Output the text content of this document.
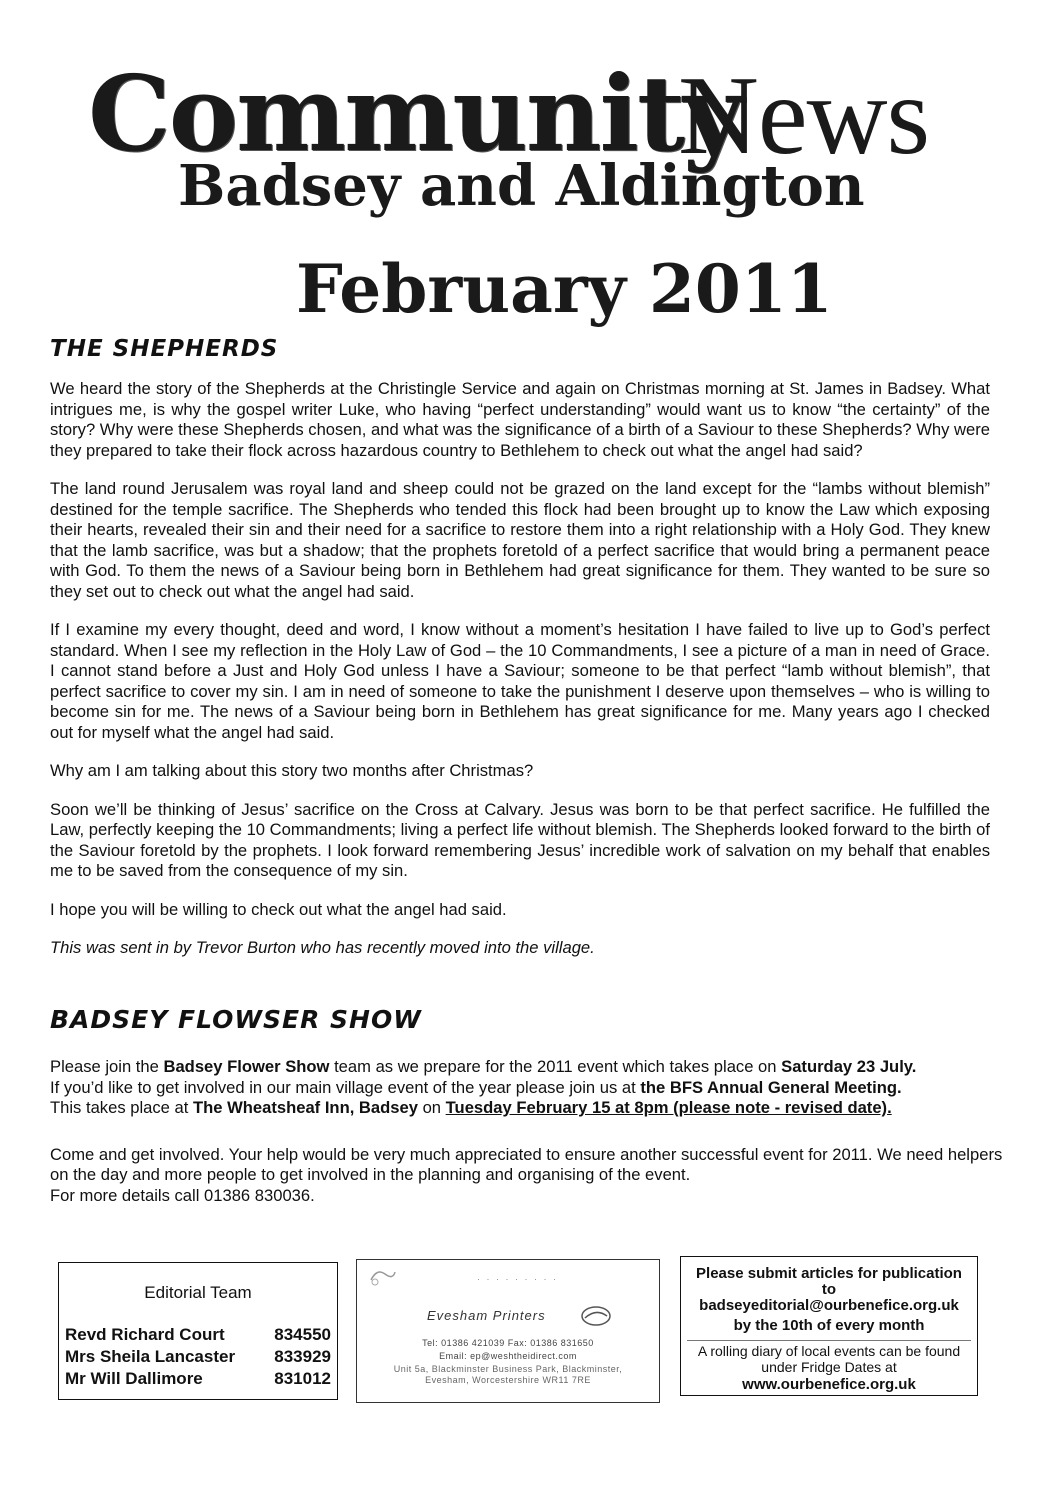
Community
News
Badsey and Aldington
February 2011
THE SHEPHERDS

We heard the story of the Shepherds at the Christingle Service and again on Christmas morning at St. James in Badsey. What intrigues me, is why the gospel writer Luke, who having “perfect understanding” would want us to know “the certainty” of the story? Why were these Shepherds chosen, and what was the significance of a birth of a Saviour to these Shepherds? Why were they prepared to take their flock across hazardous country to Bethlehem to check out what the angel had said?

The land round Jerusalem was royal land and sheep could not be grazed on the land except for the “lambs without blemish” destined for the temple sacrifice. The Shepherds who tended this flock had been brought up to know the Law which exposing their hearts, revealed their sin and their need for a sacrifice to restore them into a right relationship with a Holy God. They knew that the lamb sacrifice, was but a shadow; that the prophets foretold of a perfect sacrifice that would bring a permanent peace with God. To them the news of a Saviour being born in Bethlehem had great significance for them. They wanted to be sure so they set out to check out what the angel had said.

If I examine my every thought, deed and word, I know without a moment’s hesitation I have failed to live up to God’s perfect standard. When I see my reflection in the Holy Law of God – the 10 Commandments, I see a picture of a man in need of Grace. I cannot stand before a Just and Holy God unless I have a Saviour; someone to be that perfect “lamb without blemish”, that perfect sacrifice to cover my sin. I am in need of someone to take the punishment I deserve upon themselves – who is willing to become sin for me. The news of a Saviour being born in Bethlehem has great significance for me. Many years ago I checked out for myself what the angel had said.

Why am I am talking about this story two months after Christmas?

Soon we’ll be thinking of Jesus’ sacrifice on the Cross at Calvary. Jesus was born to be that perfect sacrifice. He fulfilled the Law, perfectly keeping the 10 Commandments; living a perfect life without blemish. The Shepherds looked forward to the birth of the Saviour foretold by the prophets. I look forward remembering Jesus’ incredible work of salvation on my behalf that enables me to be saved from the consequence of my sin.

I hope you will be willing to check out what the angel had said.

This was sent in by Trevor Burton who has recently moved into the village.

BADSEY FLOWSER SHOW

Please join the Badsey Flower Show team as we prepare for the 2011 event which takes place on Saturday 23 July.
If you’d like to get involved in our main village event of the year please join us at the BFS Annual General Meeting.
This takes place at The Wheatsheaf Inn, Badsey on Tuesday February 15 at 8pm (please note - revised date).

Come and get involved. Your help would be very much appreciated to ensure another successful event for 2011. We need helpers on the day and more people to get involved in the planning and organising of the event.

For more details call 01386 830036.

Editorial Team
Revd Richard Court	834550
Mrs Sheila Lancaster 833929
Mr Will Dallimore	831012
· · · · · · · · ·
Evesham Printers
Tel: 01386 421039 Fax: 01386 831650
Email: ep@weshtheidirect.com
Unit 5a, Blackminster Business Park, Blackminster,
Evesham, Worcestershire WR11 7RE
Please submit articles for publication
to
badseyeditorial@ourbenefice.org.uk
by the 10th of every month
A rolling diary of local events can be found
under Fridge Dates at
www.ourbenefice.org.uk
